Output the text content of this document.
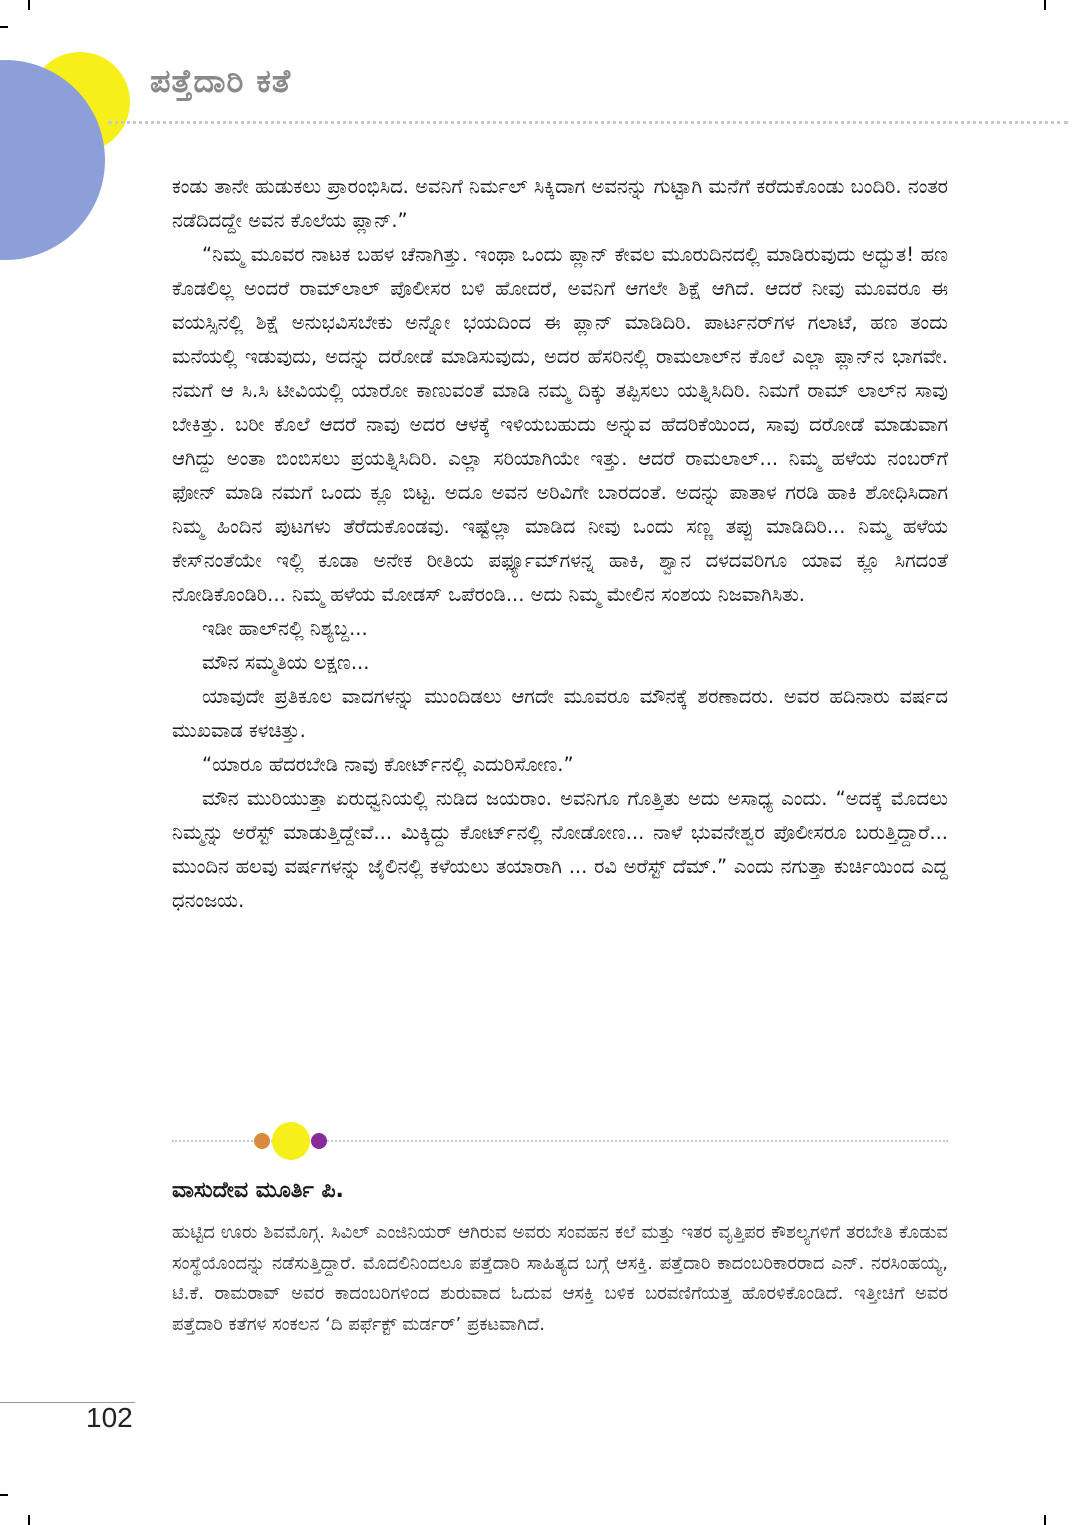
ಪತ್ತೆದಾರಿ ಕತೆ

ಕಂಡು ತಾನೇ ಹುಡುಕಲು ಪ್ರಾರಂಭಿಸಿದ. ಅವನಿಗೆ ನಿರ್ಮಲ್ ಸಿಕ್ಕಿದಾಗ ಅವನನ್ನು ಗುಟ್ಟಾಗಿ ಮನೆಗೆ ಕರೆದುಕೊಂಡು ಬಂದಿರಿ. ನಂತರ ನಡೆದಿದದ್ದೇ ಅವನ ಕೊಲೆಯ ಪ್ಲಾನ್.”

“ನಿಮ್ಮ ಮೂವರ ನಾಟಕ ಬಹಳ ಚೆನಾಗಿತ್ತು. ಇಂಥಾ ಒಂದು ಪ್ಲಾನ್ ಕೇವಲ ಮೂರುದಿನದಲ್ಲಿ ಮಾಡಿರುವುದು ಅದ್ಭುತ! ಹಣ ಕೊಡಲಿಲ್ಲ ಅಂದರೆ ರಾಮ್‌ಲಾಲ್ ಪೊಲೀಸರ ಬಳಿ ಹೋದರೆ, ಅವನಿಗೆ ಆಗಲೇ ಶಿಕ್ಷೆ ಆಗಿದೆ. ಆದರೆ ನೀವು ಮೂವರೂ ಈ ವಯಸ್ಸಿನಲ್ಲಿ ಶಿಕ್ಷೆ ಅನುಭವಿಸಬೇಕು ಅನ್ನೋ ಭಯದಿಂದ ಈ ಪ್ಲಾನ್ ಮಾಡಿದಿರಿ. ಪಾರ್ಟನರ್‌ಗಳ ಗಲಾಟೆ, ಹಣ ತಂದು ಮನೆಯಲ್ಲಿ ಇಡುವುದು, ಅದನ್ನು ದರೋಡೆ ಮಾಡಿಸುವುದು, ಅದರ ಹೆಸರಿನಲ್ಲಿ ರಾಮಲಾಲ್‌ನ ಕೊಲೆ ಎಲ್ಲಾ ಪ್ಲಾನ್‌ನ ಭಾಗವೇ. ನಮಗೆ ಆ ಸಿ.ಸಿ ಟೀವಿಯಲ್ಲಿ ಯಾರೋ ಕಾಣುವಂತೆ ಮಾಡಿ ನಮ್ಮ ದಿಕ್ಕು ತಪ್ಪಿಸಲು ಯತ್ನಿಸಿದಿರಿ. ನಿಮಗೆ ರಾಮ್ ಲಾಲ್‌ನ ಸಾವು ಬೇಕಿತ್ತು. ಬರೀ ಕೊಲೆ ಆದರೆ ನಾವು ಅದರ ಆಳಕ್ಕೆ ಇಳಿಯಬಹುದು ಅನ್ನುವ ಹೆದರಿಕೆಯಿಂದ, ಸಾವು ದರೋಡೆ ಮಾಡುವಾಗ ಆಗಿದ್ದು ಅಂತಾ ಬಿಂಬಿಸಲು ಪ್ರಯತ್ನಿಸಿದಿರಿ. ಎಲ್ಲಾ ಸರಿಯಾಗಿಯೇ ಇತ್ತು. ಆದರೆ ರಾಮಲಾಲ್... ನಿಮ್ಮ ಹಳೆಯ ನಂಬರ್‌ಗೆ ಫೋನ್ ಮಾಡಿ ನಮಗೆ ಒಂದು ಕ್ಲೂ ಬಿಟ್ಟ. ಅದೂ ಅವನ ಅರಿವಿಗೇ ಬಾರದಂತೆ. ಅದನ್ನು ಪಾತಾಳ ಗರಡಿ ಹಾಕಿ ಶೋಧಿಸಿದಾಗ ನಿಮ್ಮ ಹಿಂದಿನ ಪುಟಗಳು ತೆರೆದುಕೊಂಡವು. ಇಷ್ಟೆಲ್ಲಾ ಮಾಡಿದ ನೀವು ಒಂದು ಸಣ್ಣ ತಪ್ಪು ಮಾಡಿದಿರಿ... ನಿಮ್ಮ ಹಳೆಯ ಕೇಸ್‌ನಂತೆಯೇ ಇಲ್ಲಿ ಕೂಡಾ ಅನೇಕ ರೀತಿಯ ಪರ್ಫ್ಯೂಮ್‌ಗಳನ್ನ ಹಾಕಿ, ಶ್ವಾನ ದಳದವರಿಗೂ ಯಾವ ಕ್ಲೂ ಸಿಗದಂತೆ ನೋಡಿಕೊಂಡಿರಿ... ನಿಮ್ಮ ಹಳೆಯ ಮೋಡಸ್ ಒಪೆರಂಡಿ... ಅದು ನಿಮ್ಮ ಮೇಲಿನ ಸಂಶಯ ನಿಜವಾಗಿಸಿತು.

ಇಡೀ ಹಾಲ್‌ನಲ್ಲಿ ನಿಶ್ಯಬ್ದ...

ಮೌನ ಸಮ್ಮತಿಯ ಲಕ್ಷಣ...

ಯಾವುದೇ ಪ್ರತಿಕೂಲ ವಾದಗಳನ್ನು ಮುಂದಿಡಲು ಆಗದೇ ಮೂವರೂ ಮೌನಕ್ಕೆ ಶರಣಾದರು. ಅವರ ಹದಿನಾರು ವರ್ಷದ ಮುಖವಾಡ ಕಳಚಿತ್ತು.

“ಯಾರೂ ಹೆದರಬೇಡಿ ನಾವು ಕೋರ್ಟ್‌ನಲ್ಲಿ ಎದುರಿಸೋಣ.”

ಮೌನ ಮುರಿಯುತ್ತಾ ಏರುಧ್ವನಿಯಲ್ಲಿ ನುಡಿದ ಜಯರಾಂ. ಅವನಿಗೂ ಗೊತ್ತಿತು ಅದು ಅಸಾಧ್ಯ ಎಂದು. “ಅದಕ್ಕೆ ಮೊದಲು ನಿಮ್ಮನ್ನು ಅರೆಸ್ಟ್ ಮಾಡುತ್ತಿದ್ದೇವೆ... ಮಿಕ್ಕಿದ್ದು ಕೋರ್ಟ್‌ನಲ್ಲಿ ನೋಡೋಣ... ನಾಳೆ ಭುವನೇಶ್ವರ ಪೊಲೀಸರೂ ಬರುತ್ತಿದ್ದಾರೆ... ಮುಂದಿನ ಹಲವು ವರ್ಷಗಳನ್ನು ಜೈಲಿನಲ್ಲಿ ಕಳೆಯಲು ತಯಾರಾಗಿ ... ರವಿ ಅರೆಸ್ಟ್ ದೆಮ್.” ಎಂದು ನಗುತ್ತಾ ಕುರ್ಚಿಯಿಂದ ಎದ್ದ ಧನಂಜಯ.

ವಾಸುದೇವ ಮೂರ್ತಿ ಪಿ.

ಹುಟ್ಟಿದ ಊರು ಶಿವಮೊಗ್ಗ. ಸಿವಿಲ್ ಎಂಜಿನಿಯರ್ ಆಗಿರುವ ಅವರು ಸಂವಹನ ಕಲೆ ಮತ್ತು ಇತರ ವೃತ್ತಿಪರ ಕೌಶಲ್ಯಗಳಿಗೆ ತರಬೇತಿ ಕೊಡುವ ಸಂಸ್ಥೆಯೊಂದನ್ನು ನಡೆಸುತ್ತಿದ್ದಾರೆ. ಮೊದಲಿನಿಂದಲೂ ಪತ್ತೆದಾರಿ ಸಾಹಿತ್ಯದ ಬಗ್ಗೆ ಆಸಕ್ತಿ. ಪತ್ತೆದಾರಿ ಕಾದಂಬರಿಕಾರರಾದ ಎನ್. ನರಸಿಂಹಯ್ಯ, ಟಿ.ಕೆ. ರಾಮರಾವ್ ಅವರ ಕಾದಂಬರಿಗಳಿಂದ ಶುರುವಾದ ಓದುವ ಆಸಕ್ತಿ ಬಳಿಕ ಬರವಣಿಗೆಯತ್ತ ಹೊರಳಿಕೊಂಡಿದೆ. ಇತ್ತೀಚಿಗೆ ಅವರ ಪತ್ತೆದಾರಿ ಕತೆಗಳ ಸಂಕಲನ ‘ದಿ ಪರ್ಫೆಕ್ಟ್ ಮರ್ಡರ್’ ಪ್ರಕಟವಾಗಿದೆ.

102
